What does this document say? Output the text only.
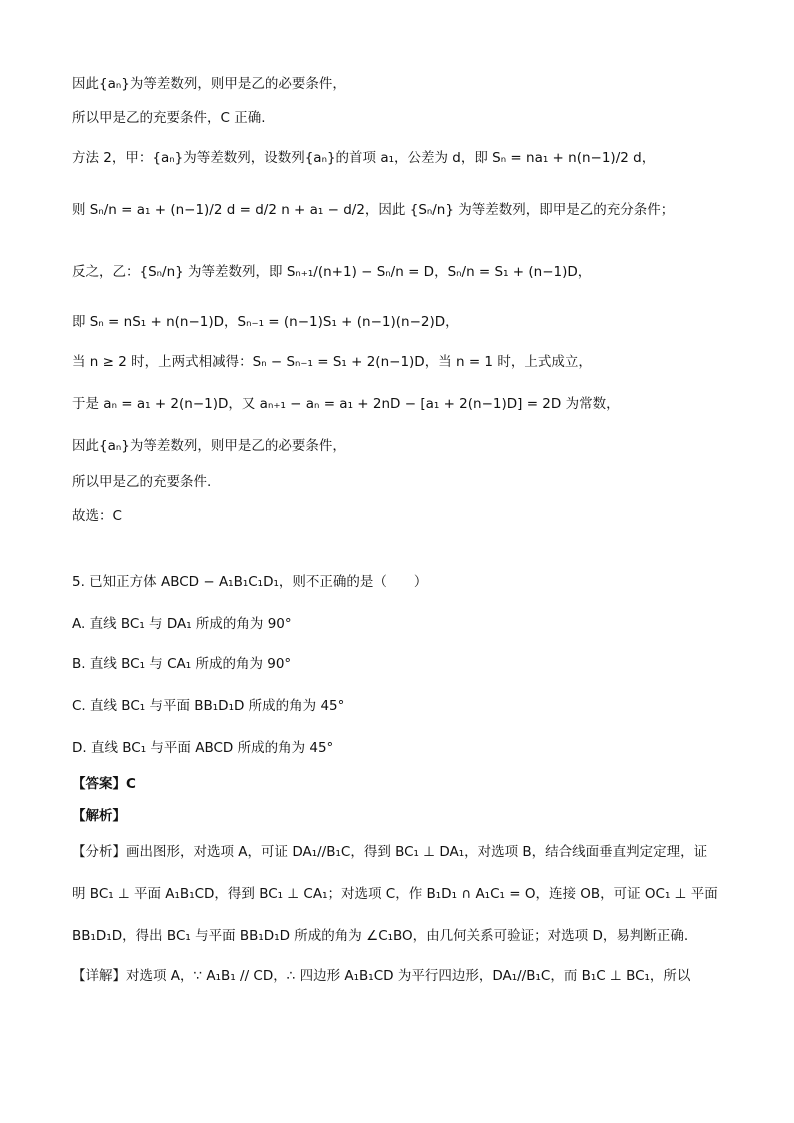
因此{aₙ}为等差数列，则甲是乙的必要条件，
所以甲是乙的充要条件，C 正确.
方法 2，甲：{aₙ}为等差数列，设数列{aₙ}的首项 a₁，公差为 d，即 Sₙ = na₁ + n(n−1)/2 d，
则 Sₙ/n = a₁ + (n−1)/2 d = d/2 n + a₁ − d/2，因此 {Sₙ/n} 为等差数列，即甲是乙的充分条件；
反之，乙：{Sₙ/n} 为等差数列，即 Sₙ₊₁/(n+1) − Sₙ/n = D，Sₙ/n = S₁ + (n−1)D，
即 Sₙ = nS₁ + n(n−1)D，Sₙ₋₁ = (n−1)S₁ + (n−1)(n−2)D，
当 n ≥ 2 时，上两式相减得：Sₙ − Sₙ₋₁ = S₁ + 2(n−1)D，当 n = 1 时，上式成立，
于是 aₙ = a₁ + 2(n−1)D，又 aₙ₊₁ − aₙ = a₁ + 2nD − [a₁ + 2(n−1)D] = 2D 为常数，
因此{aₙ}为等差数列，则甲是乙的必要条件，
所以甲是乙的充要条件.
故选：C
5. 已知正方体 ABCD − A₁B₁C₁D₁，则不正确的是（　　）
A. 直线 BC₁ 与 DA₁ 所成的角为 90°
B. 直线 BC₁ 与 CA₁ 所成的角为 90°
C. 直线 BC₁ 与平面 BB₁D₁D 所成的角为 45°
D. 直线 BC₁ 与平面 ABCD 所成的角为 45°
【答案】C
【解析】
【分析】画出图形，对选项 A，可证 DA₁//B₁C，得到 BC₁ ⊥ DA₁，对选项 B，结合线面垂直判定定理，证
明 BC₁ ⊥ 平面 A₁B₁CD，得到 BC₁ ⊥ CA₁；对选项 C，作 B₁D₁ ∩ A₁C₁ = O，连接 OB，可证 OC₁ ⊥ 平面
BB₁D₁D，得出 BC₁ 与平面 BB₁D₁D 所成的角为 ∠C₁BO，由几何关系可验证；对选项 D，易判断正确.
【详解】对选项 A，∵ A₁B₁ // CD，∴ 四边形 A₁B₁CD 为平行四边形，DA₁//B₁C，而 B₁C ⊥ BC₁，所以
